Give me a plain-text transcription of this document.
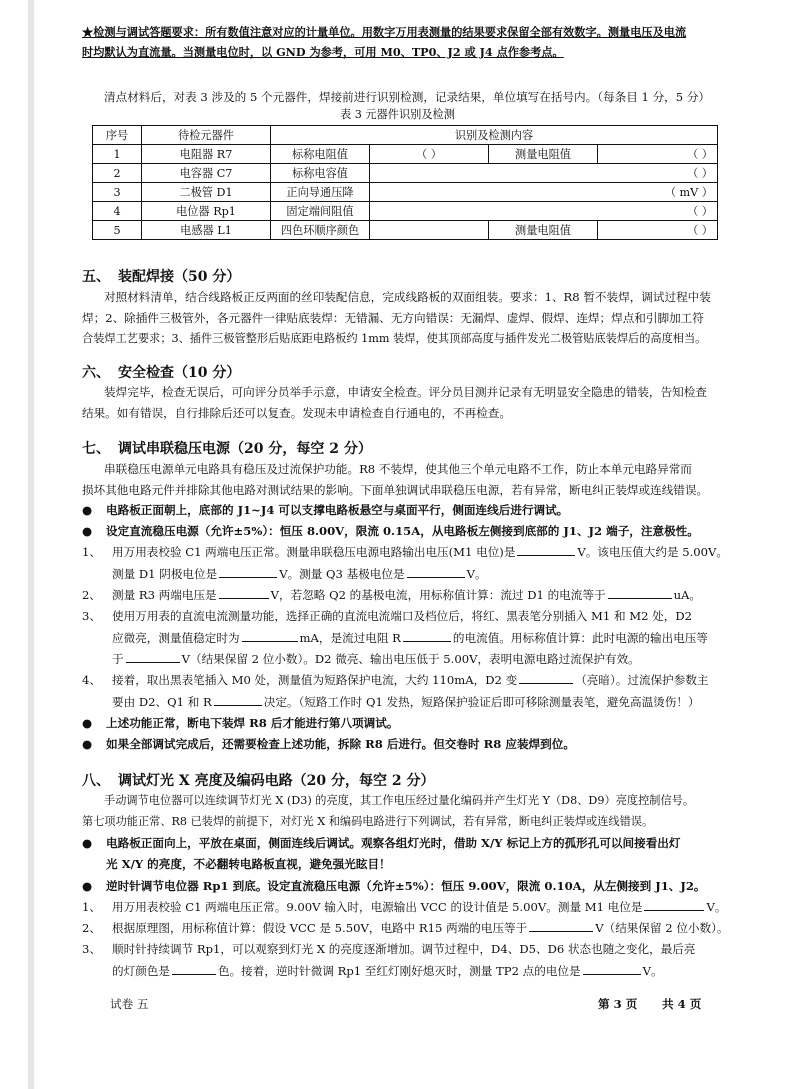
★检测与调试答题要求：所有数值注意对应的计量单位。用数字万用表测量的结果要求保留全部有效数字。测量电压及电流
时均默认为直流量。当测量电位时，以 GND 为参考，可用 M0、TP0、J2 或 J4 点作参考点。
清点材料后，对表 3 涉及的 5 个元器件，焊接前进行识别检测，记录结果，单位填写在括号内。（每条目 1 分，5 分）
表 3 元器件识别及检测
序号	待检元器件	识别及检测内容			
1	电阻器 R7	标称电阻值	（ ）	测量电阻值	（ ）
2	电容器 C7	标称电容值	（ ）		
3	二极管 D1	正向导通压降	（ mV ）		
4	电位器 Rp1	固定端间阻值	（ ）		
5	电感器 L1	四色环顺序颜色		测量电阻值	（ ）
五、 装配焊接（50 分）
对照材料清单，结合线路板正反两面的丝印装配信息，完成线路板的双面组装。要求：1、R8 暂不装焊，调试过程中装
焊；2、除插件三极管外，各元器件一律贴底装焊：无错漏、无方向错误：无漏焊、虚焊、假焊、连焊；焊点和引脚加工符
合装焊工艺要求；3、插件三极管整形后贴底距电路板约 1mm 装焊，使其顶部高度与插件发光二极管贴底装焊后的高度相当。
六、 安全检查（10 分）
装焊完毕，检查无误后，可向评分员举手示意，申请安全检查。评分员目测并记录有无明显安全隐患的错装，告知检查
结果。如有错误，自行排除后还可以复查。发现未申请检查自行通电的，不再检查。
七、 调试串联稳压电源（20 分，每空 2 分）
串联稳压电源单元电路具有稳压及过流保护功能。R8 不装焊，使其他三个单元电路不工作，防止本单元电路异常而
损坏其他电路元件并排除其他电路对测试结果的影响。下面单独调试串联稳压电源，若有异常，断电纠正装焊或连线错误。
● 电路板正面朝上，底部的 J1~J4 可以支撑电路板悬空与桌面平行，侧面连线后进行调试。
● 设定直流稳压电源（允许±5%）：恒压 8.00V，限流 0.15A，从电路板左侧接到底部的 J1、J2 端子，注意极性。
1、 用万用表校验 C1 两端电压正常。测量串联稳压电源电路输出电压(M1 电位)是	V。该电压值大约是 5.00V。
测量 D1 阴极电位是	V。测量 Q3 基极电位是	V。
2、 测量 R3 两端电压是	V，若忽略 Q2 的基极电流，用标称值计算：流过 D1 的电流等于	uA。
3、 使用万用表的直流电流测量功能，选择正确的直流电流端口及档位后，将红、黑表笔分别插入 M1 和 M2 处，D2
应微亮，测量值稳定时为	mA，是流过电阻 R	的电流值。用标称值计算：此时电源的输出电压等
于	V（结果保留 2 位小数）。D2 微亮、输出电压低于 5.00V，表明电源电路过流保护有效。
4、 接着，取出黑表笔插入 M0 处，测量值为短路保护电流，大约 110mA，D2 变	（亮暗）。过流保护参数主
要由 D2、Q1 和 R	决定。（短路工作时 Q1 发热，短路保护验证后即可移除测量表笔，避免高温烫伤！）
● 上述功能正常，断电下装焊 R8 后才能进行第八项调试。
● 如果全部调试完成后，还需要检查上述功能，拆除 R8 后进行。但交卷时 R8 应装焊到位。
八、 调试灯光 X 亮度及编码电路（20 分，每空 2 分）
手动调节电位器可以连续调节灯光 X (D3) 的亮度，其工作电压经过量化编码并产生灯光 Y（D8、D9）亮度控制信号。
第七项功能正常、R8 已装焊的前提下，对灯光 X 和编码电路进行下列调试，若有异常，断电纠正装焊或连线错误。
● 电路板正面向上，平放在桌面，侧面连线后调试。观察各组灯光时，借助 X/Y 标记上方的孤形孔可以间接看出灯
光 X/Y 的亮度，不必翻转电路板直视，避免强光眩目！
● 逆时针调节电位器 Rp1 到底。设定直流稳压电源（允许±5%）：恒压 9.00V，限流 0.10A，从左侧接到 J1、J2。
1、 用万用表校验 C1 两端电压正常。9.00V 输入时，电源输出 VCC 的设计值是 5.00V。测量 M1 电位是	V。
2、 根据原理图，用标称值计算：假设 VCC 是 5.50V，电路中 R15 两端的电压等于	V（结果保留 2 位小数）。
3、 顺时针持续调节 Rp1，可以观察到灯光 X 的亮度逐渐增加。调节过程中，D4、D5、D6 状态也随之变化，最后亮
的灯颜色是	色。接着，逆时针微调 Rp1 至红灯刚好熄灭时，测量 TP2 点的电位是	V。
试卷 五	第 3 页 共 4 页
